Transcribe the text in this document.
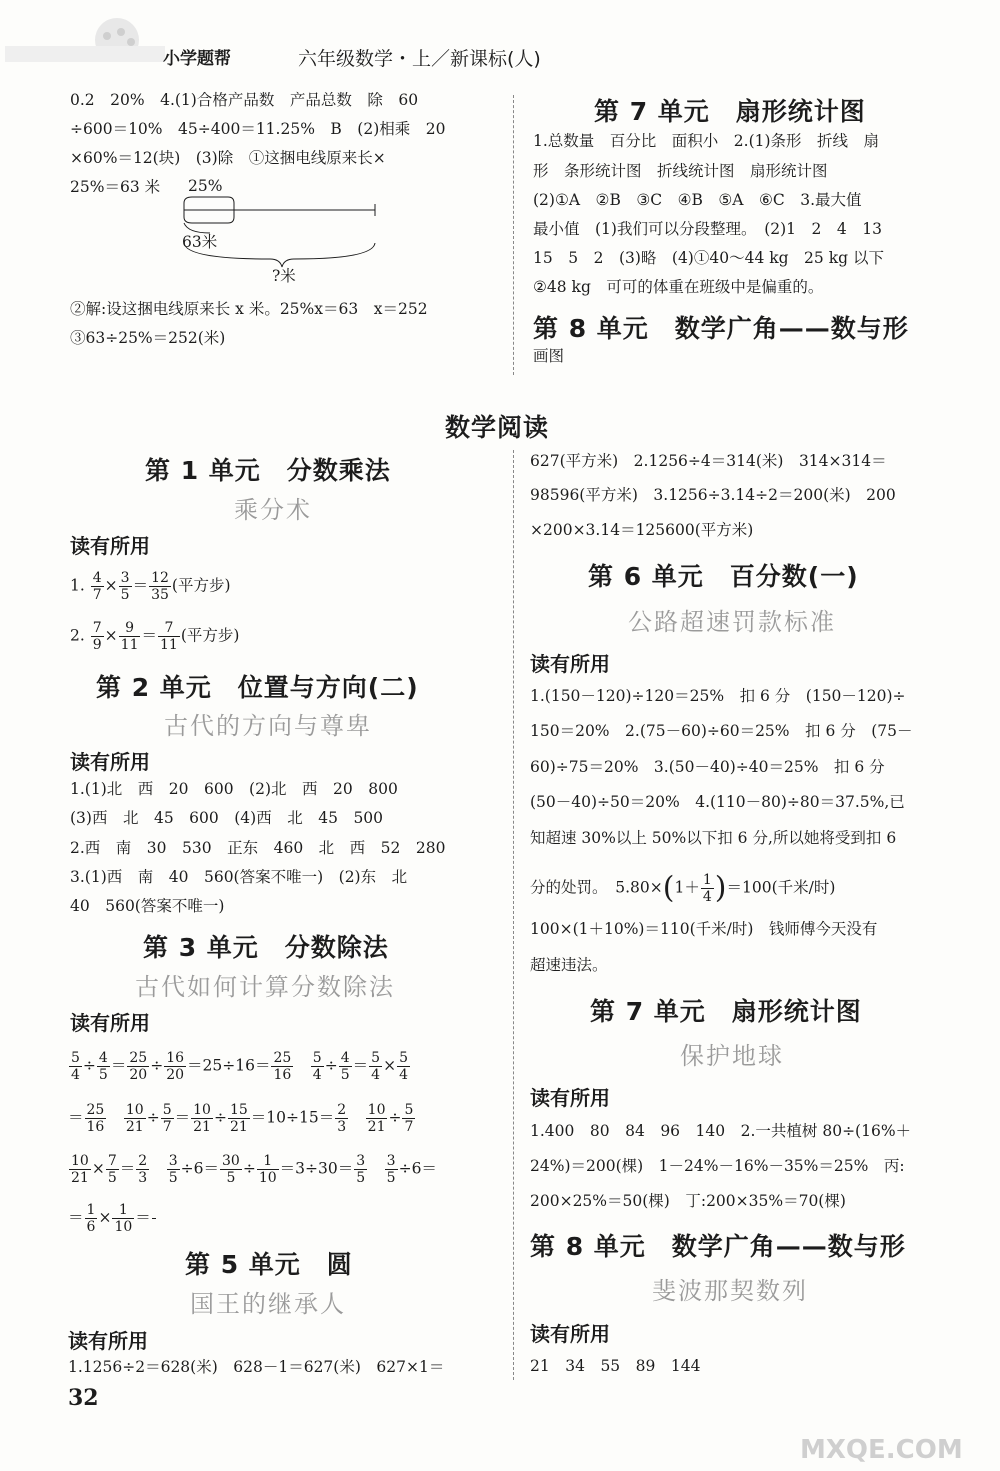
小学题帮	六年级数学・上／新课标(人)
0.2　20%　4.(1)合格产品数　产品总数　除　60
÷600＝10%　45÷400＝11.25%　B　(2)相乘　20
×60%＝12(块)　(3)除　①这捆电线原来长×
25%＝63 米 25%
63米
?米
②解:设这捆电线原来长 x 米。25%x＝63　x＝252
③63÷25%＝252(米)
第 7 单元　扇形统计图
1.总数量　百分比　面积小　2.(1)条形　折线　扇
形　条形统计图　折线统计图　扇形统计图
(2)①A　②B　③C　④B　⑤A　⑥C　3.最大值
最小值　(1)我们可以分段整理。　(2)1　2　4　13
15　5　2　(3)略　(4)①40～44 kg　25 kg 以下
②48 kg　可可的体重在班级中是偏重的。
第 8 单元　数学广角——数与形
画图
数学阅读
第 1 单元　分数乘法
乘分术
读有所用
1. $\frac{4}{7} \times \frac{3}{5} = \frac{12}{35}$ (平方步)
2. $\frac{7}{9} \times \frac{9}{11} = \frac{7}{11}$ (平方步)
第 2 单元　位置与方向(二)
古代的方向与尊卑
读有所用
1.(1)北　西　20　600　(2)北　西　20　800
(3)西　北　45　600　(4)西　北　45　500
2.西　南　30　530　正东　460　北　西　52　280
3.(1)西　南　40　560(答案不唯一)　(2)东　北
40　560(答案不唯一)
第 3 单元　分数除法
古代如何计算分数除法
读有所用
$\frac{5}{4} \div \frac{4}{5} = \frac{25}{20} \div \frac{16}{20} =25\div 16= \frac{25}{16}$
　 $\frac{5}{4} \div \frac{4}{5} = \frac{5}{4} \times \frac{5}{4}$
＝ $\frac{25}{16}$
　 $\frac{10}{21} \div \frac{5}{7} = \frac{10}{21} \div \frac{15}{21} =10\div 15= \frac{2}{3}$
　 $\frac{10}{21} \div \frac{5}{7}$
$\frac{10}{21} \times \frac{7}{5} = \frac{2}{3}$
　 $\frac{3}{5} \div 6= \frac{30}{5} \div \frac{1}{10} =3\div 30= \frac{3}{5}$
　 $\frac{3}{5} \div 6=$
＝ $\frac{1}{6} \times \frac{1}{10}$ ＝
第 5 单元　圆
国王的继承人
读有所用
1.1256÷2＝628(米)　628－1＝627(米)　627×1＝
32
627(平方米)　2.1256÷4＝314(米)　314×314＝
98596(平方米)　3.1256÷3.14÷2＝200(米)　200
×200×3.14＝125600(平方米)
第 6 单元　百分数(一)
公路超速罚款标准
读有所用
1.(150－120)÷120＝25%　扣 6 分　(150－120)÷
150＝20%　2.(75－60)÷60＝25%　扣 6 分　(75－
60)÷75＝20%　3.(50－40)÷40＝25%　扣 6 分
(50－40)÷50＝20%　4.(110－80)÷80＝37.5%,已
知超速 30%以上 50%以下扣 6 分,所以她将受到扣 6
分的处罚。　$5.80\times(1+ \frac{1}{4} )=100$(千米/时)
100×(1＋10%)＝110(千米/时)　钱师傅今天没有
超速违法。
第 7 单元　扇形统计图
保护地球
读有所用
1.400　80　84　96　140　2.一共植树 80÷(16%＋
24%)＝200(棵)　1－24%－16%－35%＝25%　丙:
200×25%＝50(棵)　丁:200×35%＝70(棵)
第 8 单元　数学广角——数与形
斐波那契数列
读有所用
21　34　55　89　144
MXQE.COM
